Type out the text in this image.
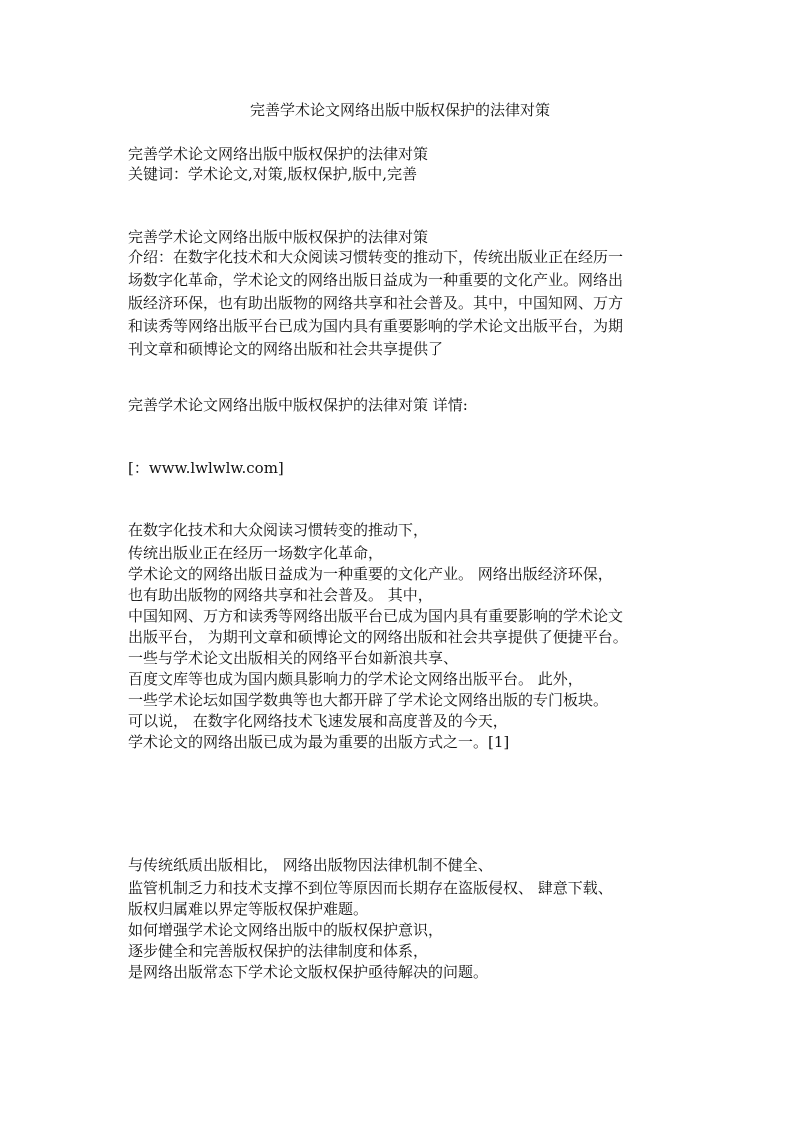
完善学术论文网络出版中版权保护的法律对策
完善学术论文网络出版中版权保护的法律对策
关键词：学术论文,对策,版权保护,版中,完善
完善学术论文网络出版中版权保护的法律对策
介绍：在数字化技术和大众阅读习惯转变的推动下，传统出版业正在经历一
场数字化革命，学术论文的网络出版日益成为一种重要的文化产业。网络出
版经济环保，也有助出版物的网络共享和社会普及。其中，中国知网、万方
和读秀等网络出版平台已成为国内具有重要影响的学术论文出版平台，为期
刊文章和硕博论文的网络出版和社会共享提供了
完善学术论文网络出版中版权保护的法律对策 详情:
[：www.lwlwlw.com]
在数字化技术和大众阅读习惯转变的推动下，
传统出版业正在经历一场数字化革命，
学术论文的网络出版日益成为一种重要的文化产业。 网络出版经济环保，
也有助出版物的网络共享和社会普及。 其中，
中国知网、万方和读秀等网络出版平台已成为国内具有重要影响的学术论文
出版平台， 为期刊文章和硕博论文的网络出版和社会共享提供了便捷平台。
一些与学术论文出版相关的网络平台如新浪共享、
百度文库等也成为国内颇具影响力的学术论文网络出版平台。 此外，
一些学术论坛如国学数典等也大都开辟了学术论文网络出版的专门板块。
可以说， 在数字化网络技术飞速发展和高度普及的今天，
学术论文的网络出版已成为最为重要的出版方式之一。[1]
与传统纸质出版相比， 网络出版物因法律机制不健全、
监管机制乏力和技术支撑不到位等原因而长期存在盗版侵权、 肆意下载、
版权归属难以界定等版权保护难题。
如何增强学术论文网络出版中的版权保护意识，
逐步健全和完善版权保护的法律制度和体系，
是网络出版常态下学术论文版权保护亟待解决的问题。
